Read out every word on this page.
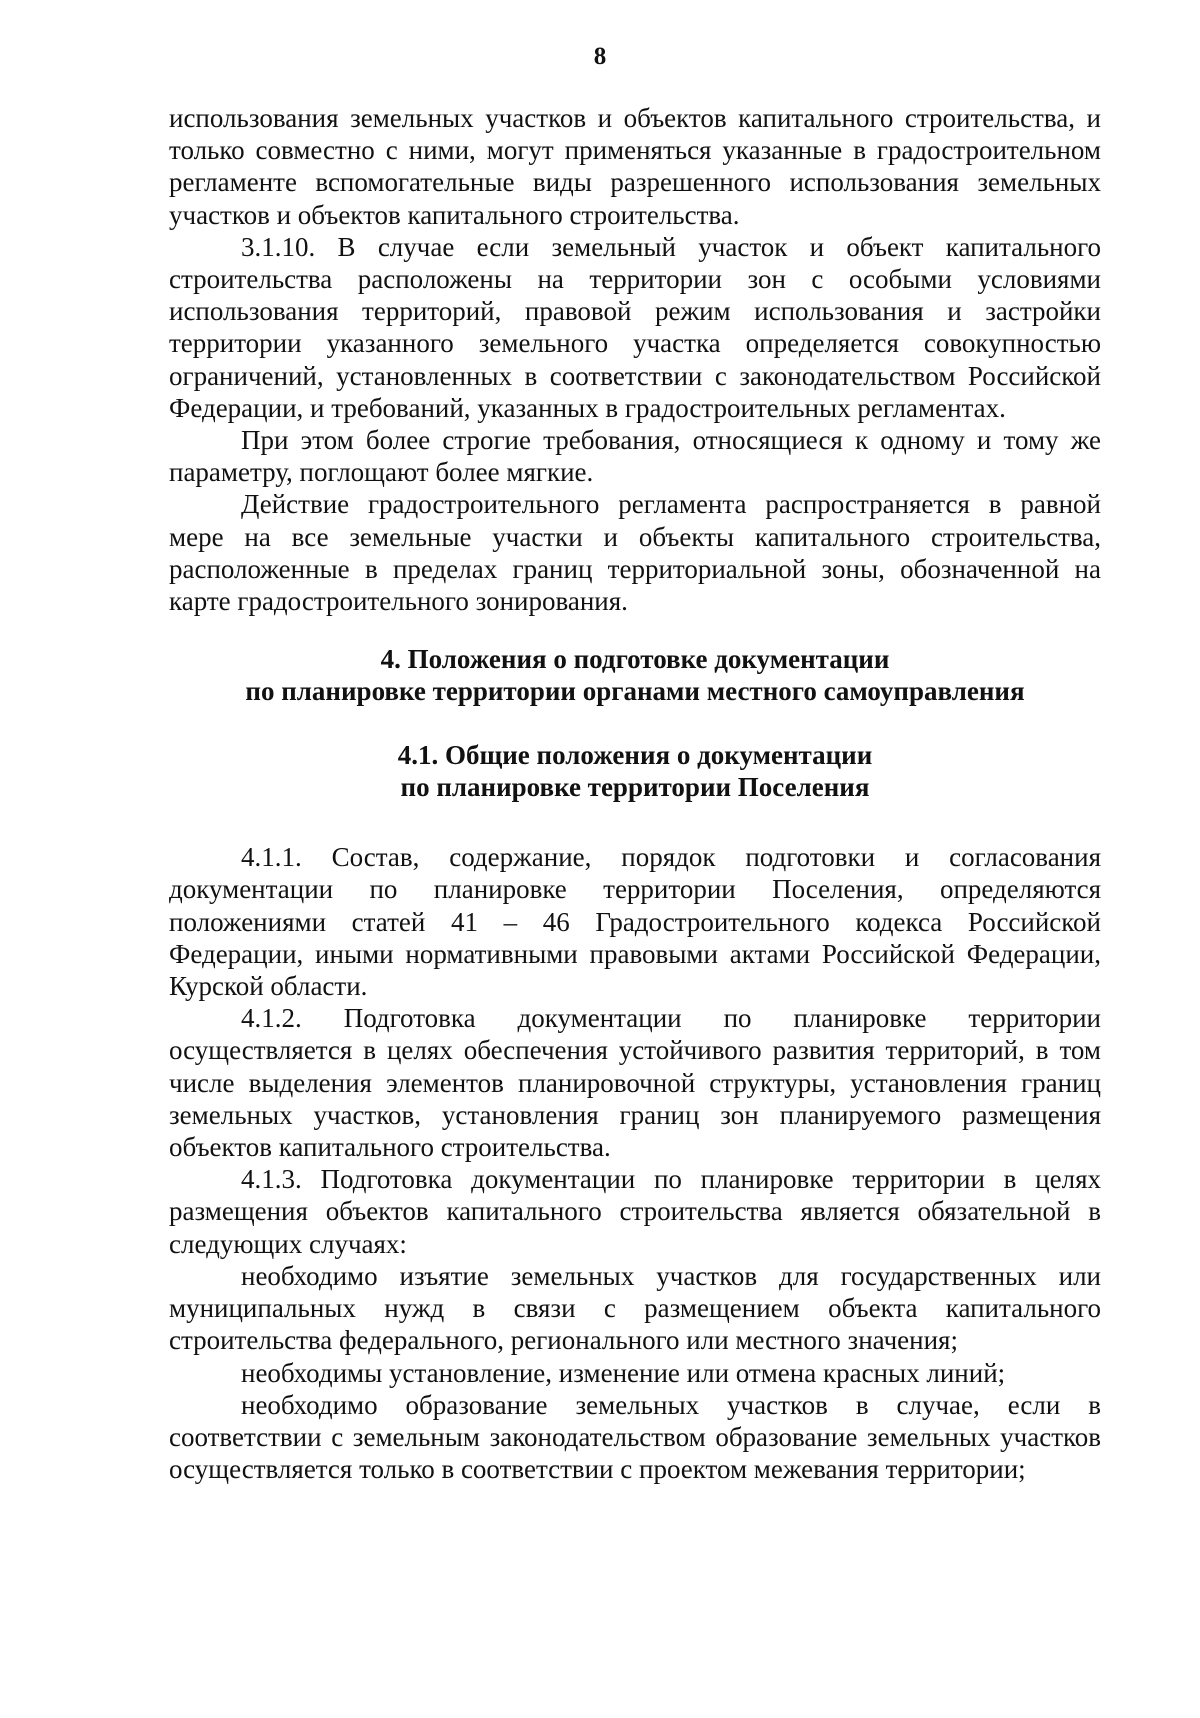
8

использования земельных участков и объектов капитального строительства, и только совместно с ними, могут применяться указанные в градостроительном регламенте вспомогательные виды разрешенного использования земельных участков и объектов капитального строительства.

3.1.10. В случае если земельный участок и объект капитального строительства расположены на территории зон с особыми условиями использования территорий, правовой режим использования и застройки территории указанного земельного участка определяется совокупностью ограничений, установленных в соответствии с законодательством Российской Федерации, и требований, указанных в градостроительных регламентах.

При этом более строгие требования, относящиеся к одному и тому же параметру, поглощают более мягкие.

Действие градостроительного регламента распространяется в равной мере на все земельные участки и объекты капитального строительства, расположенные в пределах границ территориальной зоны, обозначенной на карте градостроительного зонирования.

4. Положения о подготовке документации
по планировке территории органами местного самоуправления

4.1. Общие положения о документации
по планировке территории Поселения

4.1.1. Состав, содержание, порядок подготовки и согласования документации по планировке территории Поселения, определяются положениями статей 41 – 46 Градостроительного кодекса Российской Федерации, иными нормативными правовыми актами Российской Федерации, Курской области.

4.1.2. Подготовка документации по планировке территории осуществляется в целях обеспечения устойчивого развития территорий, в том числе выделения элементов планировочной структуры, установления границ земельных участков, установления границ зон планируемого размещения объектов капитального строительства.

4.1.3. Подготовка документации по планировке территории в целях размещения объектов капитального строительства является обязательной в следующих случаях:

необходимо изъятие земельных участков для государственных или муниципальных нужд в связи с размещением объекта капитального строительства федерального, регионального или местного значения;

необходимы установление, изменение или отмена красных линий;

необходимо образование земельных участков в случае, если в соответствии с земельным законодательством образование земельных участков осуществляется только в соответствии с проектом межевания территории;
